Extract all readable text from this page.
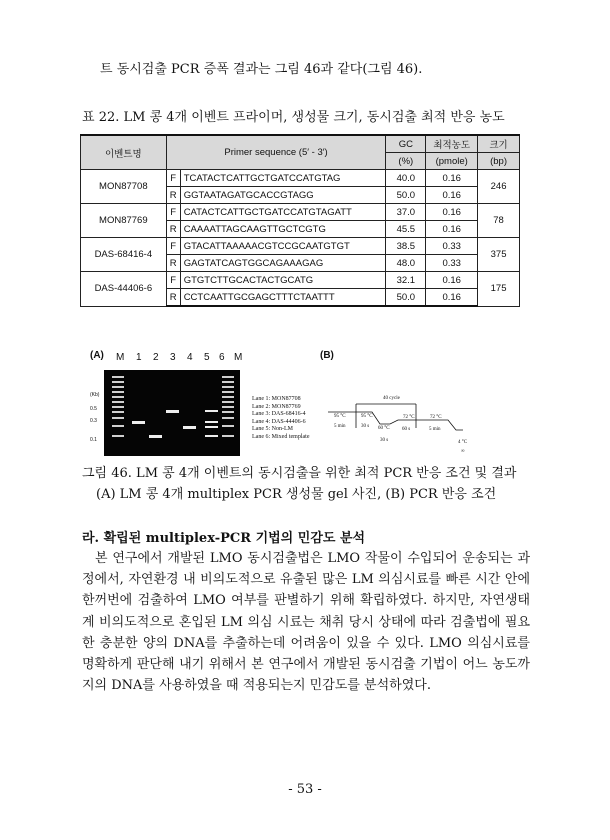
트 동시검출 PCR 증폭 결과는 그림 46과 같다(그림 46).
표 22. LM 콩 4개 이벤트 프라이머, 생성물 크기, 동시검출 최적 반응 농도
이벤트명	Primer sequence (5′ - 3′)		GC	최적농도	크기
			(%)	(pmole)	(bp)
MON87708	F	TCATACTCATTGCTGATCCATGTAG	40.0	0.16	246
	R	GGTAATAGATGCACCGTAGG	50.0	0.16	
MON87769	F	CATACTCATTGCTGATCCATGTAGATT	37.0	0.16	78
	R	CAAAATTAGCAAGTTGCTCGTG	45.5	0.16	
DAS-68416-4	F	GTACATTAAAAACGTCCGCAATGTGT	38.5	0.33	375
	R	GAGTATCAGTGGCAGAAAGAG	48.0	0.33	
DAS-44406-6	F	GTGTCTTGCACTACTGCATG	32.1	0.16	175
	R	CCTCAATTGCGAGCTTTCTAATTT	50.0	0.16	
(A)	(B)
M 1 2 3 4 5 6 M
(Kb)
0.5
0.3
0.1
Lane 1: MON87708
Lane 2: MON87769
Lane 3: DAS-68416-4
Lane 4: DAS-44406-6
Lane 5: Non-LM
Lane 6: Mixed template
40 cycle
95 °C
5 min
95 °C
30 s 60 °C
30 s
72 °C
60 s
72 °C
5 min
4 °C
∞
그림 46. LM 콩 4개 이벤트의 동시검출을 위한 최적 PCR 반응 조건 및 결과
(A) LM 콩 4개 multiplex PCR 생성물 gel 사진, (B) PCR 반응 조건
라. 확립된 multiplex-PCR 기법의 민감도 분석
본 연구에서 개발된 LMO 동시검출법은 LMO 작물이 수입되어 운송되는 과정에서, 자연환경 내 비의도적으로 유출된 많은 LM 의심시료를 빠른 시간 안에 한꺼번에 검출하여 LMO 여부를 판별하기 위해 확립하였다. 하지만, 자연생태계 비의도적으로 혼입된 LM 의심 시료는 채취 당시 상태에 따라 검출법에 필요한 충분한 양의 DNA를 추출하는데 어려움이 있을 수 있다. LMO 의심시료를 명확하게 판단해 내기 위해서 본 연구에서 개발된 동시검출 기법이 어느 농도까지의 DNA를 사용하였을 때 적용되는지 민감도를 분석하였다.
- 53 -
